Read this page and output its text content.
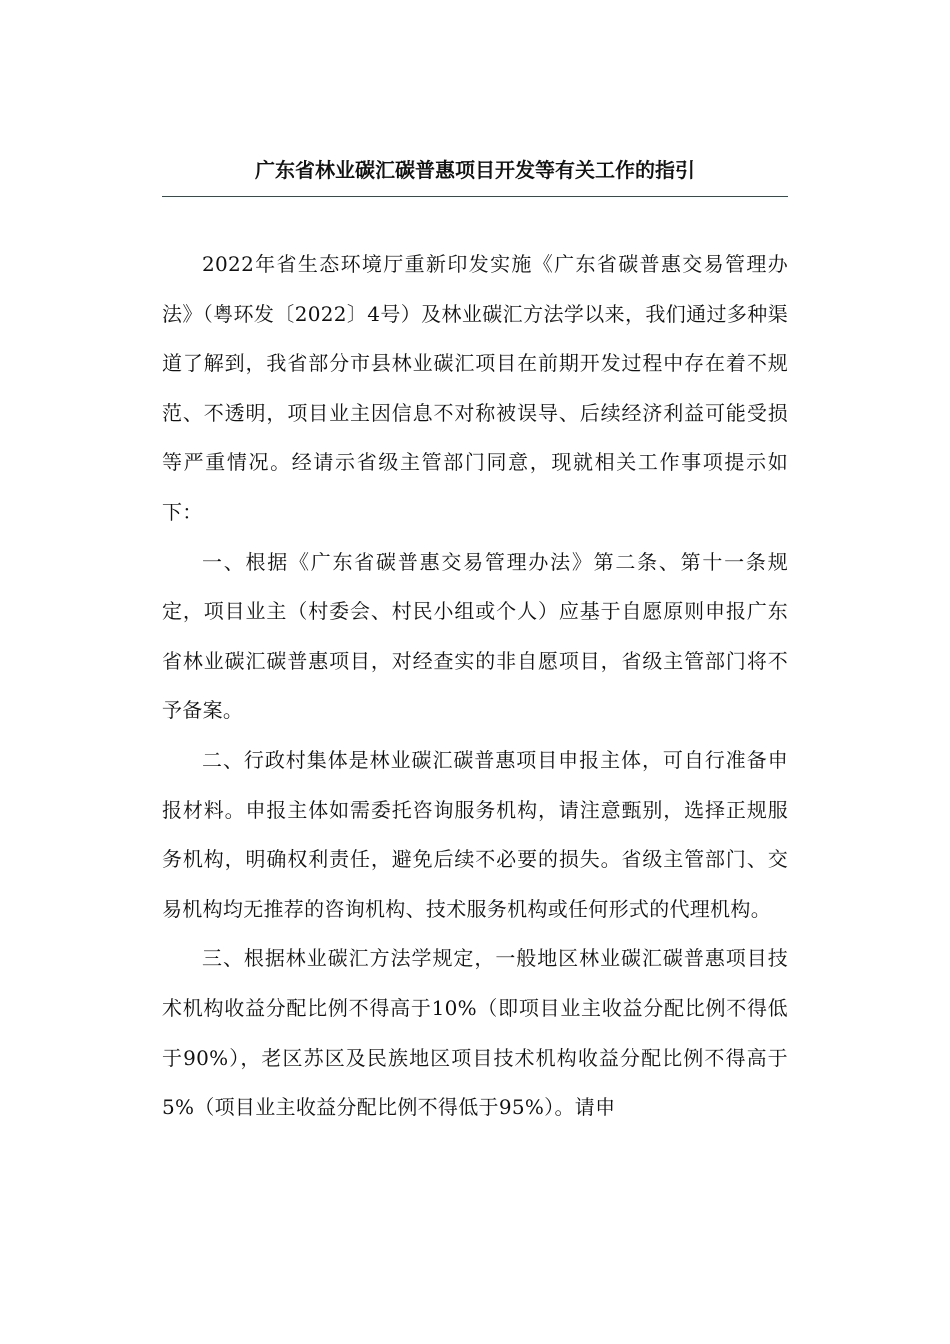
广东省林业碳汇碳普惠项目开发等有关工作的指引

2022年省生态环境厅重新印发实施《广东省碳普惠交易管理办法》（粤环发〔2022〕4号）及林业碳汇方法学以来，我们通过多种渠道了解到，我省部分市县林业碳汇项目在前期开发过程中存在着不规范、不透明，项目业主因信息不对称被误导、后续经济利益可能受损等严重情况。经请示省级主管部门同意，现就相关工作事项提示如下：

一、根据《广东省碳普惠交易管理办法》第二条、第十一条规定，项目业主（村委会、村民小组或个人）应基于自愿原则申报广东省林业碳汇碳普惠项目，对经查实的非自愿项目，省级主管部门将不予备案。

二、行政村集体是林业碳汇碳普惠项目申报主体，可自行准备申报材料。申报主体如需委托咨询服务机构，请注意甄别，选择正规服务机构，明确权利责任，避免后续不必要的损失。省级主管部门、交易机构均无推荐的咨询机构、技术服务机构或任何形式的代理机构。

三、根据林业碳汇方法学规定，一般地区林业碳汇碳普惠项目技术机构收益分配比例不得高于10%（即项目业主收益分配比例不得低于90%），老区苏区及民族地区项目技术机构收益分配比例不得高于5%（项目业主收益分配比例不得低于95%）。请申
